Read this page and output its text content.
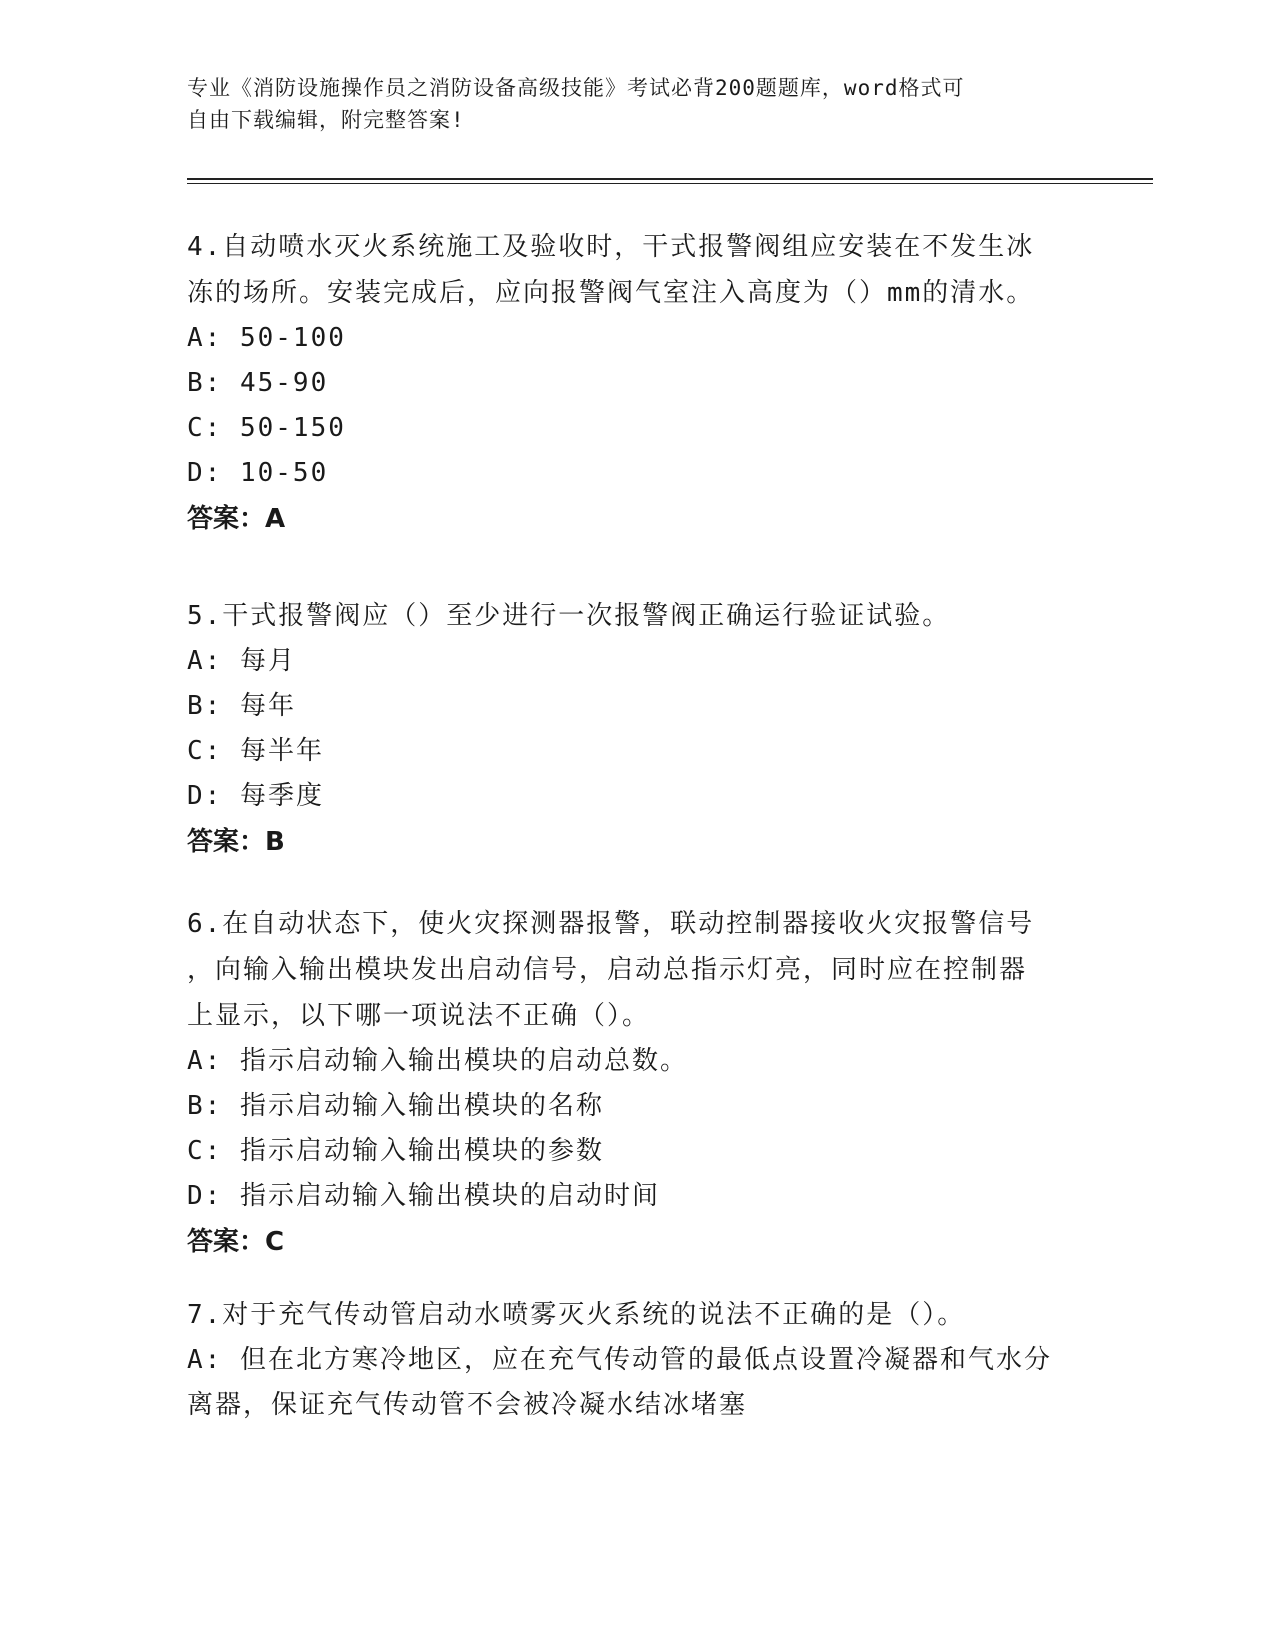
专业《消防设施操作员之消防设备高级技能》考试必背200题题库，word格式可
自由下载编辑，附完整答案!

4.自动喷水灭火系统施工及验收时，干式报警阀组应安装在不发生冰

冻的场所。安装完成后，应向报警阀气室注入高度为（）mm的清水。

A: 50-100

B: 45-90

C: 50-150

D: 10-50

答案：A

5.干式报警阀应（）至少进行一次报警阀正确运行验证试验。

A: 每月

B: 每年

C: 每半年

D: 每季度

答案：B

6.在自动状态下，使火灾探测器报警，联动控制器接收火灾报警信号

，向输入输出模块发出启动信号，启动总指示灯亮，同时应在控制器

上显示，以下哪一项说法不正确（）。

A: 指示启动输入输出模块的启动总数。

B: 指示启动输入输出模块的名称

C: 指示启动输入输出模块的参数

D: 指示启动输入输出模块的启动时间

答案：C

7.对于充气传动管启动水喷雾灭火系统的说法不正确的是（）。

A: 但在北方寒冷地区，应在充气传动管的最低点设置冷凝器和气水分

离器，保证充气传动管不会被冷凝水结冰堵塞
